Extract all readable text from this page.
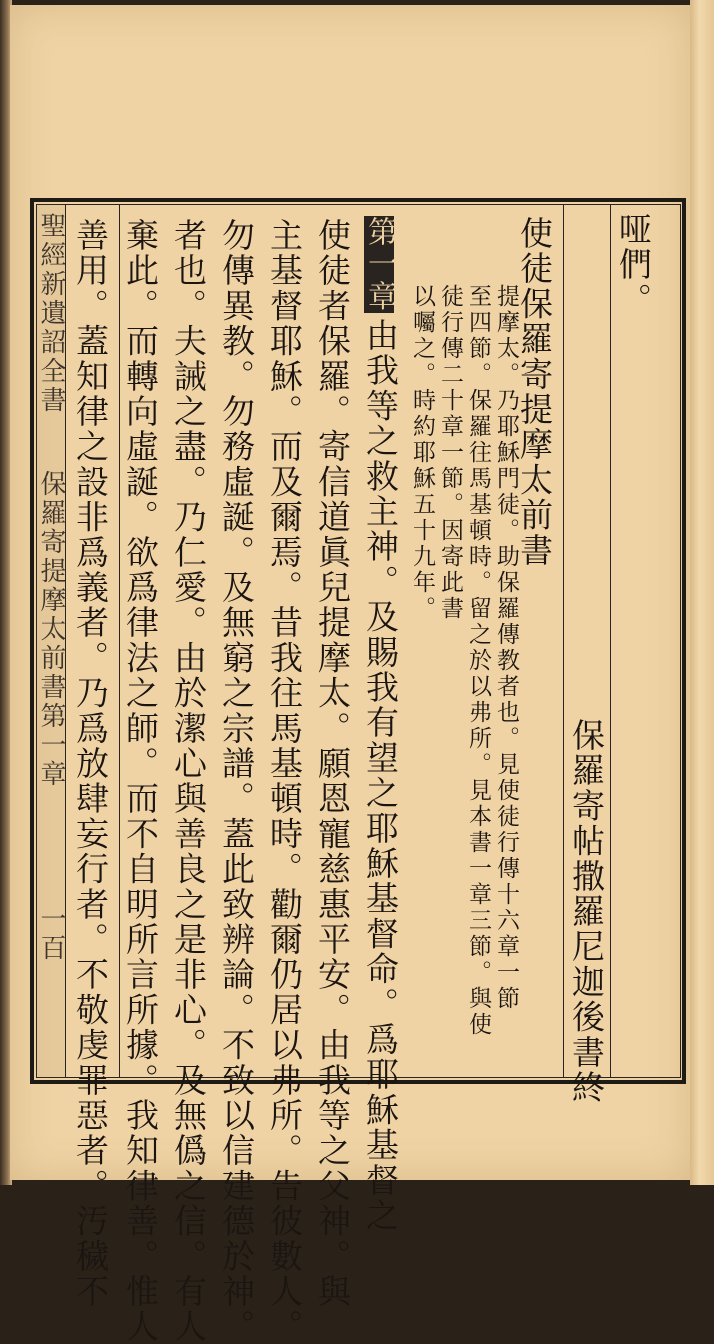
聖經新遺詔全書
保羅寄提摩太前書第一章
一百
哑們。
保羅寄帖撒羅尼迦後書終
使徒保羅寄提摩太前書
提摩太。乃耶穌門徒。助保羅傳教者也。見使徒行傳十六章一節
至四節。保羅往馬基頓時。留之於以弗所。見本書一章三節。與使
徒行傳二十章一節。因寄此書
以囑之。時約耶穌五十九年。
第一章
由我等之救主神。及賜我有望之耶穌基督命。爲耶穌基督之
使徒者保羅。寄信道眞兒提摩太。願恩寵慈惠平安。由我等之父神。與
主基督耶穌。而及爾焉。昔我往馬基頓時。勸爾仍居以弗所。告彼數人。
勿傳異教。勿務虛誕。及無窮之宗譜。蓋此致辨論。不致以信建德於神。
者也。夫誡之盡。乃仁愛。由於潔心與善良之是非心。及無僞之信。有人
棄此。而轉向虛誕。欲爲律法之師。而不自明所言所據。我知律善。惟人
善用。蓋知律之設非爲義者。乃爲放肆妄行者。不敬虔罪惡者。汚穢不
